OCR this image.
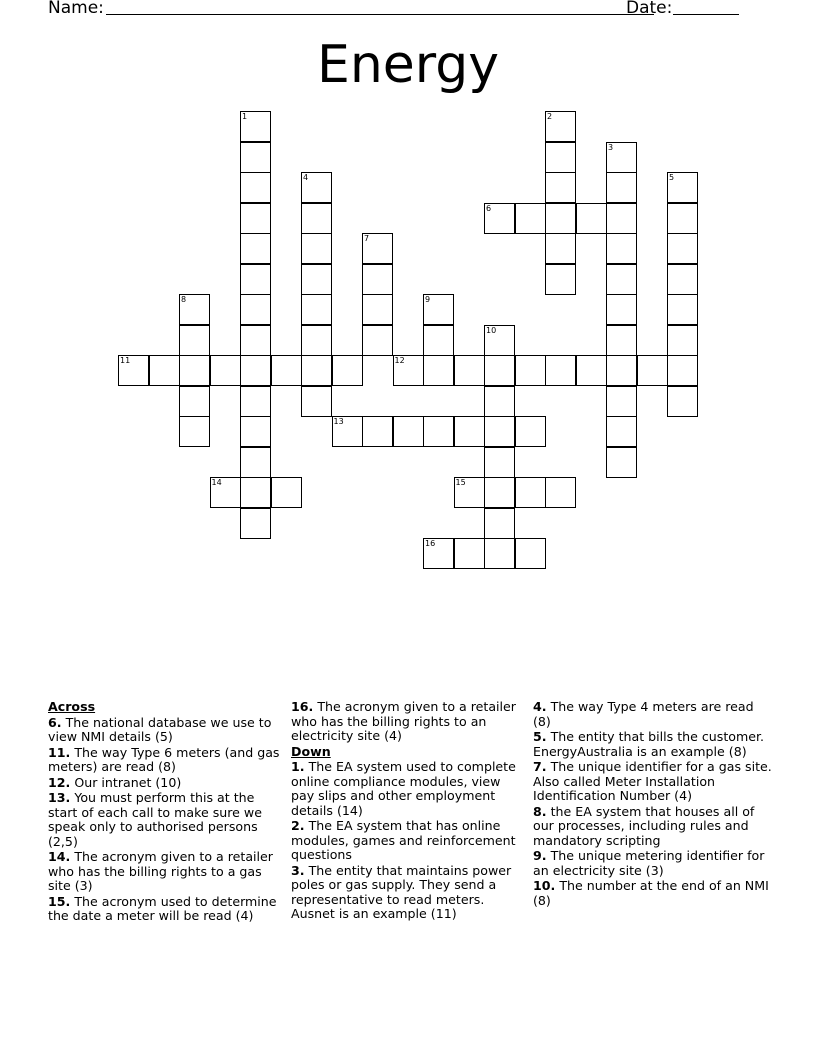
Name:	Date:
Energy
1	2
3
4	5
6
7
8	9
10
11	12
13
14	15
16
Across
6. The national database we use to view NMI details (5)
11. The way Type 6 meters (and gas meters) are read (8)
12. Our intranet (10)
13. You must perform this at the start of each call to make sure we speak only to authorised persons (2,5)
14. The acronym given to a retailer who has the billing rights to a gas site (3)
15. The acronym used to determine the date a meter will be read (4)
16. The acronym given to a retailer who has the billing rights to an electricity site (4)
Down
1. The EA system used to complete online compliance modules, view pay slips and other employment details (14)
2. The EA system that has online modules, games and reinforcement questions
3. The entity that maintains power poles or gas supply. They send a representative to read meters. Ausnet is an example (11)
4. The way Type 4 meters are read (8)
5. The entity that bills the customer. EnergyAustralia is an example (8)
7. The unique identifier for a gas site. Also called Meter Installation Identification Number (4)
8. the EA system that houses all of our processes, including rules and mandatory scripting
9. The unique metering identifier for an electricity site (3)
10. The number at the end of an NMI (8)
